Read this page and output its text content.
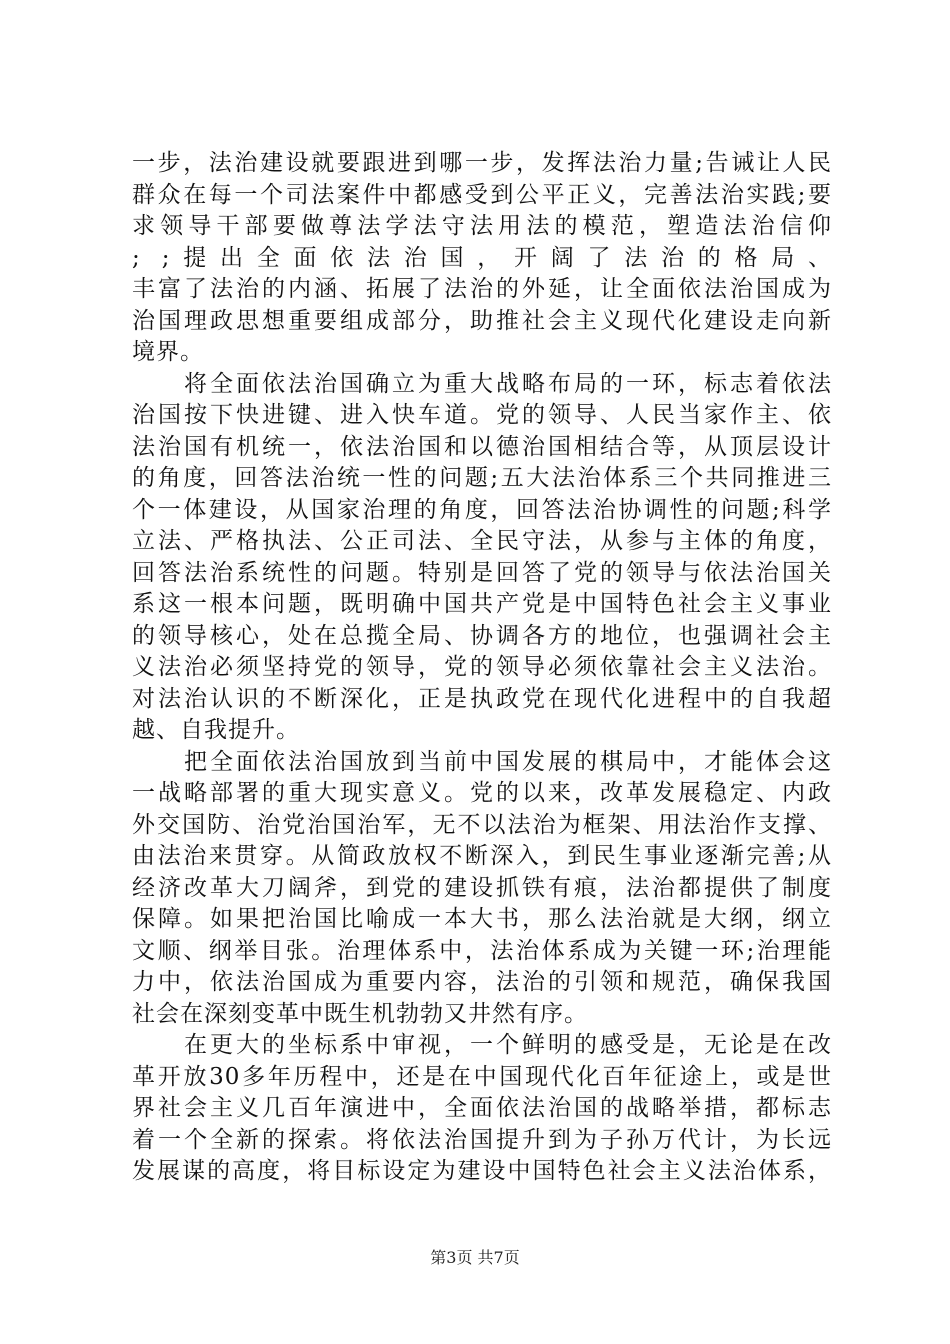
一步，法治建设就要跟进到哪一步，发挥法治力量;告诫让人民
群众在每一个司法案件中都感受到公平正义，完善法治实践;要
求领导干部要做尊法学法守法用法的模范，塑造法治信仰
; ;提出全面依法治国，开阔了法治的格局、
丰富了法治的内涵、拓展了法治的外延，让全面依法治国成为
治国理政思想重要组成部分，助推社会主义现代化建设走向新
境界。
　　将全面依法治国确立为重大战略布局的一环，标志着依法
治国按下快进键、进入快车道。党的领导、人民当家作主、依
法治国有机统一，依法治国和以德治国相结合等，从顶层设计
的角度，回答法治统一性的问题;五大法治体系三个共同推进三
个一体建设，从国家治理的角度，回答法治协调性的问题;科学
立法、严格执法、公正司法、全民守法，从参与主体的角度，
回答法治系统性的问题。特别是回答了党的领导与依法治国关
系这一根本问题，既明确中国共产党是中国特色社会主义事业
的领导核心，处在总揽全局、协调各方的地位，也强调社会主
义法治必须坚持党的领导，党的领导必须依靠社会主义法治。
对法治认识的不断深化，正是执政党在现代化进程中的自我超
越、自我提升。
　　把全面依法治国放到当前中国发展的棋局中，才能体会这
一战略部署的重大现实意义。党的以来，改革发展稳定、内政
外交国防、治党治国治军，无不以法治为框架、用法治作支撑、
由法治来贯穿。从简政放权不断深入，到民生事业逐渐完善;从
经济改革大刀阔斧，到党的建设抓铁有痕，法治都提供了制度
保障。如果把治国比喻成一本大书，那么法治就是大纲，纲立
文顺、纲举目张。治理体系中，法治体系成为关键一环;治理能
力中，依法治国成为重要内容，法治的引领和规范，确保我国
社会在深刻变革中既生机勃勃又井然有序。
　　在更大的坐标系中审视，一个鲜明的感受是，无论是在改
革开放30多年历程中，还是在中国现代化百年征途上，或是世
界社会主义几百年演进中，全面依法治国的战略举措，都标志
着一个全新的探索。将依法治国提升到为子孙万代计，为长远
发展谋的高度，将目标设定为建设中国特色社会主义法治体系，
第3页 共7页
